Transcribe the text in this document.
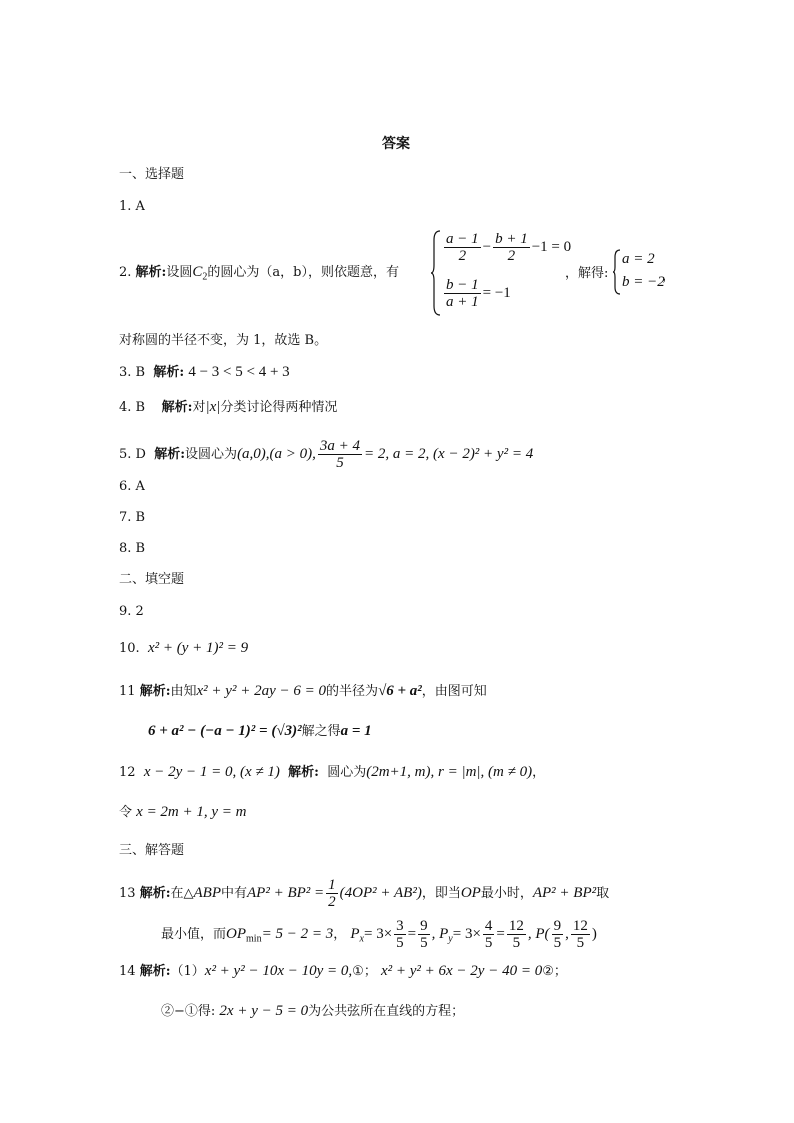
答案
一、选择题
1. A
2. 解析:设圆$C_2$的圆心为（a，b），则依题意，有
$\frac{a - 1}{2} - \frac{b + 1}{2} -1 = 0$
$\frac{b - 1}{a + 1} = -1$
，解得:
a = 2
b = −2
，
对称圆的半径不变，为 1，故选 B。
3. B 解析: 4 − 3 < 5 < 4 + 3
4. B 解析:对|x|分类讨论得两种情况
5. D 解析:设圆心为(a,0),(a > 0), $\frac{3a + 4}{5} = 2$, a = 2, (x − 2)² + y² = 4
6. A
7. B
8. B
二、填空题
9. 2
10. x² + (y + 1)² = 9
11 解析:由知x² + y² + 2ay − 6 = 0的半径为√6 + a²，由图可知
6 + a² − (−a − 1)² = (√3)²解之得a = 1
12 x − 2y − 1 = 0, (x ≠ 1) 解析: 圆心为(2m+1, m), r = |m|, (m ≠ 0)，
令 x = 2m + 1, y = m
三、解答题
13 解析:在△ABP中有$AP^2 + BP^2 = \frac{1}{2} (4OP^2 + AB^2)$，即当OP最小时，AP² + BP²取
最小值，而$OP_{min}= 5 - 2 = 3$， $P_x= 3\times \frac{3}{5} = \frac{9}{5}$ , $P_y= 3\times \frac{4}{5} = \frac{12}{5}$ , $P( \frac{9}{5}$ , $\frac{12}{5}$ )
14 解析:（1）x² + y² − 10x − 10y = 0,①； x² + y² + 6x − 2y − 40 = 0②；
②−①得: 2x + y − 5 = 0为公共弦所在直线的方程；
